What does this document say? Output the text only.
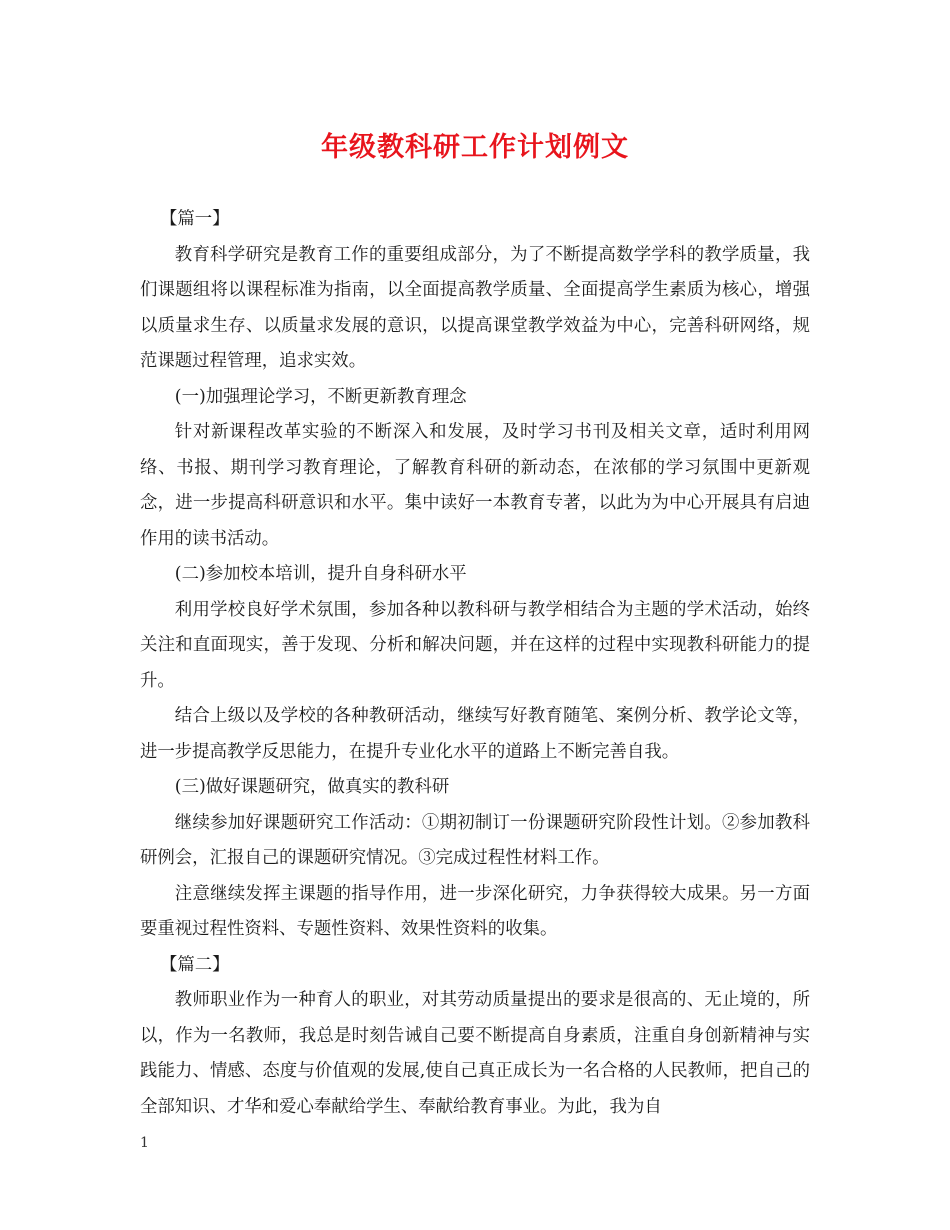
年级教科研工作计划例文

【篇一】

教育科学研究是教育工作的重要组成部分，为了不断提高数学学科的教学质量，我们课题组将以课程标准为指南，以全面提高教学质量、全面提高学生素质为核心，增强以质量求生存、以质量求发展的意识，以提高课堂教学效益为中心，完善科研网络，规范课题过程管理，追求实效。

(一)加强理论学习，不断更新教育理念

针对新课程改革实验的不断深入和发展，及时学习书刊及相关文章，适时利用网络、书报、期刊学习教育理论，了解教育科研的新动态，在浓郁的学习氛围中更新观念，进一步提高科研意识和水平。集中读好一本教育专著，以此为为中心开展具有启迪作用的读书活动。

(二)参加校本培训，提升自身科研水平

利用学校良好学术氛围，参加各种以教科研与教学相结合为主题的学术活动，始终关注和直面现实，善于发现、分析和解决问题，并在这样的过程中实现教科研能力的提升。

结合上级以及学校的各种教研活动，继续写好教育随笔、案例分析、教学论文等，进一步提高教学反思能力，在提升专业化水平的道路上不断完善自我。

(三)做好课题研究，做真实的教科研

继续参加好课题研究工作活动：①期初制订一份课题研究阶段性计划。②参加教科研例会，汇报自己的课题研究情况。③完成过程性材料工作。

注意继续发挥主课题的指导作用，进一步深化研究，力争获得较大成果。另一方面要重视过程性资料、专题性资料、效果性资料的收集。

【篇二】

教师职业作为一种育人的职业，对其劳动质量提出的要求是很高的、无止境的，所以，作为一名教师，我总是时刻告诫自己要不断提高自身素质，注重自身创新精神与实践能力、情感、态度与价值观的发展,使自己真正成长为一名合格的人民教师，把自己的全部知识、才华和爱心奉献给学生、奉献给教育事业。为此，我为自

1
